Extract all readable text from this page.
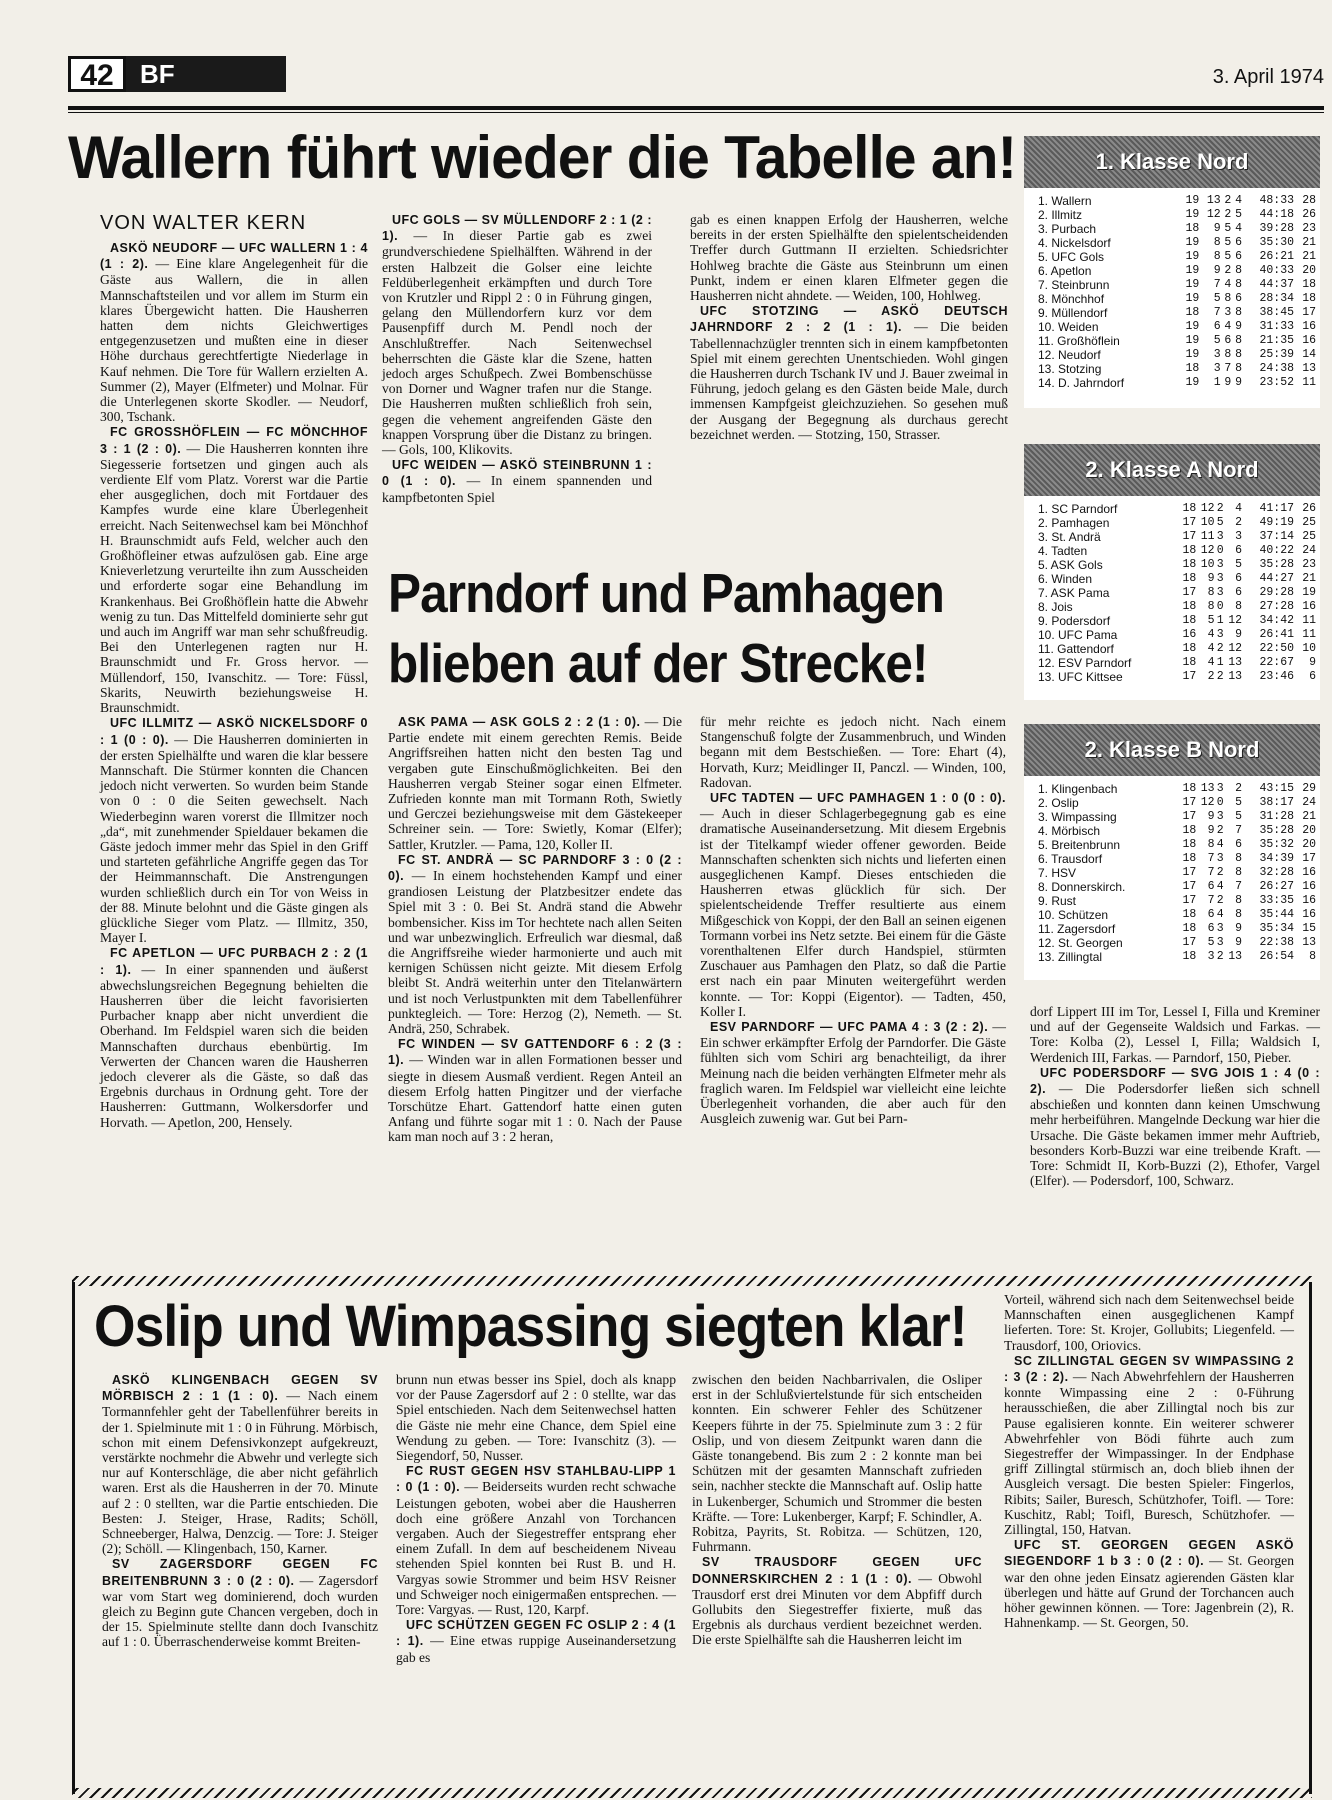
42	BF	3. April 1974
Wallern führt wieder die Tabelle an!
VON WALTER KERN

ASKÖ NEUDORF — UFC WALLERN 1 : 4 (1 : 2). — Eine klare Angelegenheit für die Gäste aus Wallern, die in allen Mannschaftsteilen und vor allem im Sturm ein klares Übergewicht hatten. Die Hausherren hatten dem nichts Gleichwertiges entgegenzusetzen und mußten eine in dieser Höhe durchaus gerechtfertigte Niederlage in Kauf nehmen. Die Tore für Wallern erzielten A. Summer (2), Mayer (Elfmeter) und Molnar. Für die Unterlegenen skorte Skodler. — Neudorf, 300, Tschank.

FC GROSSHÖFLEIN — FC MÖNCHHOF 3 : 1 (2 : 0). — Die Hausherren konnten ihre Siegesserie fortsetzen und gingen auch als verdiente Elf vom Platz. Vorerst war die Partie eher ausgeglichen, doch mit Fortdauer des Kampfes wurde eine klare Überlegenheit erreicht. Nach Seitenwechsel kam bei Mönchhof H. Braunschmidt aufs Feld, welcher auch den Großhöfleiner etwas aufzulösen gab. Eine arge Knieverletzung verurteilte ihn zum Ausscheiden und erforderte sogar eine Behandlung im Krankenhaus. Bei Großhöflein hatte die Abwehr wenig zu tun. Das Mittelfeld dominierte sehr gut und auch im Angriff war man sehr schußfreudig. Bei den Unterlegenen ragten nur H. Braunschmidt und Fr. Gross hervor. — Müllendorf, 150, Ivanschitz. — Tore: Füssl, Skarits, Neuwirth beziehungsweise H. Braunschmidt.

UFC ILLMITZ — ASKÖ NICKELSDORF 0 : 1 (0 : 0). — Die Hausherren dominierten in der ersten Spielhälfte und waren die klar bessere Mannschaft. Die Stürmer konnten die Chancen jedoch nicht verwerten. So wurden beim Stande von 0 : 0 die Seiten gewechselt. Nach Wiederbeginn waren vorerst die Illmitzer noch „da“, mit zunehmender Spieldauer bekamen die Gäste jedoch immer mehr das Spiel in den Griff und starteten gefährliche Angriffe gegen das Tor der Heimmannschaft. Die Anstrengungen wurden schließlich durch ein Tor von Weiss in der 88. Minute belohnt und die Gäste gingen als glückliche Sieger vom Platz. — Illmitz, 350, Mayer I.

FC APETLON — UFC PURBACH 2 : 2 (1 : 1). — In einer spannenden und äußerst abwechslungsreichen Begegnung behielten die Hausherren über die leicht favorisierten Purbacher knapp aber nicht unverdient die Oberhand. Im Feldspiel waren sich die beiden Mannschaften durchaus ebenbürtig. Im Verwerten der Chancen waren die Hausherren jedoch cleverer als die Gäste, so daß das Ergebnis durchaus in Ordnung geht. Tore der Hausherren: Guttmann, Wolkersdorfer und Horvath. — Apetlon, 200, Hensely.

UFC GOLS — SV MÜLLENDORF 2 : 1 (2 : 1). — In dieser Partie gab es zwei grundverschiedene Spielhälften. Während in der ersten Halbzeit die Golser eine leichte Feldüberlegenheit erkämpften und durch Tore von Krutzler und Rippl 2 : 0 in Führung gingen, gelang den Müllendorfern kurz vor dem Pausenpfiff durch M. Pendl noch der Anschlußtreffer. Nach Seitenwechsel beherrschten die Gäste klar die Szene, hatten jedoch arges Schußpech. Zwei Bombenschüsse von Dorner und Wagner trafen nur die Stange. Die Hausherren mußten schließlich froh sein, gegen die vehement angreifenden Gäste den knappen Vorsprung über die Distanz zu bringen. — Gols, 100, Klikovits.

UFC WEIDEN — ASKÖ STEINBRUNN 1 : 0 (1 : 0). — In einem spannenden und kampfbetonten Spiel

gab es einen knappen Erfolg der Hausherren, welche bereits in der ersten Spielhälfte den spielentscheidenden Treffer durch Guttmann II erzielten. Schiedsrichter Hohlweg brachte die Gäste aus Steinbrunn um einen Punkt, indem er einen klaren Elfmeter gegen die Hausherren nicht ahndete. — Weiden, 100, Hohlweg.

UFC STOTZING — ASKÖ DEUTSCH JAHRNDORF 2 : 2 (1 : 1). — Die beiden Tabellennachzügler trennten sich in einem kampfbetonten Spiel mit einem gerechten Unentschieden. Wohl gingen die Hausherren durch Tschank IV und J. Bauer zweimal in Führung, jedoch gelang es den Gästen beide Male, durch immensen Kampfgeist gleichzuziehen. So gesehen muß der Ausgang der Begegnung als durchaus gerecht bezeichnet werden. — Stotzing, 150, Strasser.

Parndorf und Pamhagen
blieben auf der Strecke!

ASK PAMA — ASK GOLS 2 : 2 (1 : 0). — Die Partie endete mit einem gerechten Remis. Beide Angriffsreihen hatten nicht den besten Tag und vergaben gute Einschußmöglichkeiten. Bei den Hausherren vergab Steiner sogar einen Elfmeter. Zufrieden konnte man mit Tormann Roth, Swietly und Gerczei beziehungsweise mit dem Gästekeeper Schreiner sein. — Tore: Swietly, Komar (Elfer); Sattler, Krutzler. — Pama, 120, Koller II.

FC ST. ANDRÄ — SC PARNDORF 3 : 0 (2 : 0). — In einem hochstehenden Kampf und einer grandiosen Leistung der Platzbesitzer endete das Spiel mit 3 : 0. Bei St. Andrä stand die Abwehr bombensicher. Kiss im Tor hechtete nach allen Seiten und war unbezwinglich. Erfreulich war diesmal, daß die Angriffsreihe wieder harmonierte und auch mit kernigen Schüssen nicht geizte. Mit diesem Erfolg bleibt St. Andrä weiterhin unter den Titelanwärtern und ist noch Verlustpunkten mit dem Tabellenführer punktegleich. — Tore: Herzog (2), Nemeth. — St. Andrä, 250, Schrabek.

FC WINDEN — SV GATTENDORF 6 : 2 (3 : 1). — Winden war in allen Formationen besser und siegte in diesem Ausmaß verdient. Regen Anteil an diesem Erfolg hatten Pingitzer und der vierfache Torschütze Ehart. Gattendorf hatte einen guten Anfang und führte sogar mit 1 : 0. Nach der Pause kam man noch auf 3 : 2 heran,

für mehr reichte es jedoch nicht. Nach einem Stangenschuß folgte der Zusammenbruch, und Winden begann mit dem Bestschießen. — Tore: Ehart (4), Horvath, Kurz; Meidlinger II, Panczl. — Winden, 100, Radovan.

UFC TADTEN — UFC PAMHAGEN 1 : 0 (0 : 0). — Auch in dieser Schlagerbegegnung gab es eine dramatische Auseinandersetzung. Mit diesem Ergebnis ist der Titelkampf wieder offener geworden. Beide Mannschaften schenkten sich nichts und lieferten einen ausgeglichenen Kampf. Dieses entschieden die Hausherren etwas glücklich für sich. Der spielentscheidende Treffer resultierte aus einem Mißgeschick von Koppi, der den Ball an seinen eigenen Tormann vorbei ins Netz setzte. Bei einem für die Gäste vorenthaltenen Elfer durch Handspiel, stürmten Zuschauer aus Pamhagen den Platz, so daß die Partie erst nach ein paar Minuten weitergeführt werden konnte. — Tor: Koppi (Eigentor). — Tadten, 450, Koller I.

ESV PARNDORF — UFC PAMA 4 : 3 (2 : 2). — Ein schwer erkämpfter Erfolg der Parndorfer. Die Gäste fühlten sich vom Schiri arg benachteiligt, da ihrer Meinung nach die beiden verhängten Elfmeter mehr als fraglich waren. Im Feldspiel war vielleicht eine leichte Überlegenheit vorhanden, die aber auch für den Ausgleich zuwenig war. Gut bei Parn-

dorf Lippert III im Tor, Lessel I, Filla und Kreminer und auf der Gegenseite Waldsich und Farkas. — Tore: Kolba (2), Lessel I, Filla; Waldsich I, Werdenich III, Farkas. — Parndorf, 150, Pieber.

UFC PODERSDORF — SVG JOIS 1 : 4 (0 : 2). — Die Podersdorfer ließen sich schnell abschießen und konnten dann keinen Umschwung mehr herbeiführen. Mangelnde Deckung war hier die Ursache. Die Gäste bekamen immer mehr Auftrieb, besonders Korb-Buzzi war eine treibende Kraft. — Tore: Schmidt II, Korb-Buzzi (2), Ethofer, Vargel (Elfer). — Podersdorf, 100, Schwarz.

1. Klasse Nord
1. Wallern	19	13	2	4	48:33	28
2. Illmitz	19	12	2	5	44:18	26
3. Purbach	18	9	5	4	39:28	23
4. Nickelsdorf	19	8	5	6	35:30	21
5. UFC Gols	19	8	5	6	26:21	21
6. Apetlon	19	9	2	8	40:33	20
7. Steinbrunn	19	7	4	8	44:37	18
8. Mönchhof	19	5	8	6	28:34	18
9. Müllendorf	18	7	3	8	38:45	17
10. Weiden	19	6	4	9	31:33	16
11. Großhöflein	19	5	6	8	21:35	16
12. Neudorf	19	3	8	8	25:39	14
13. Stotzing	18	3	7	8	24:38	13
14. D. Jahrndorf	19	1	9	9	23:52	11
2. Klasse A Nord
1. SC Parndorf	18	12	2	4	41:17	26
2. Pamhagen	17	10	5	2	49:19	25
3. St. Andrä	17	11	3	3	37:14	25
4. Tadten	18	12	0	6	40:22	24
5. ASK Gols	18	10	3	5	35:28	23
6. Winden	18	9	3	6	44:27	21
7. ASK Pama	17	8	3	6	29:28	19
8. Jois	18	8	0	8	27:28	16
9. Podersdorf	18	5	1	12	34:42	11
10. UFC Pama	16	4	3	9	26:41	11
11. Gattendorf	18	4	2	12	22:50	10
12. ESV Parndorf	18	4	1	13	22:67	9
13. UFC Kittsee	17	2	2	13	23:46	6
2. Klasse B Nord
1. Klingenbach	18	13	3	2	43:15	29
2. Oslip	17	12	0	5	38:17	24
3. Wimpassing	17	9	3	5	31:28	21
4. Mörbisch	18	9	2	7	35:28	20
5. Breitenbrunn	18	8	4	6	35:32	20
6. Trausdorf	18	7	3	8	34:39	17
7. HSV	17	7	2	8	32:28	16
8. Donnerskirch.	17	6	4	7	26:27	16
9. Rust	17	7	2	8	33:35	16
10. Schützen	18	6	4	8	35:44	16
11. Zagersdorf	18	6	3	9	35:34	15
12. St. Georgen	17	5	3	9	22:38	13
13. Zillingtal	18	3	2	13	26:54	8
Oslip und Wimpassing siegten klar!

ASKÖ KLINGENBACH GEGEN SV MÖRBISCH 2 : 1 (1 : 0). — Nach einem Tormannfehler geht der Tabellenführer bereits in der 1. Spielminute mit 1 : 0 in Führung. Mörbisch, schon mit einem Defensivkonzept aufgekreuzt, verstärkte nochmehr die Abwehr und verlegte sich nur auf Konterschläge, die aber nicht gefährlich waren. Erst als die Hausherren in der 70. Minute auf 2 : 0 stellten, war die Partie entschieden. Die Besten: J. Steiger, Hrase, Radits; Schöll, Schneeberger, Halwa, Denzcig. — Tore: J. Steiger (2); Schöll. — Klingenbach, 150, Karner.

SV ZAGERSDORF GEGEN FC BREITENBRUNN 3 : 0 (2 : 0). — Zagersdorf war vom Start weg dominierend, doch wurden gleich zu Beginn gute Chancen vergeben, doch in der 15. Spielminute stellte dann doch Ivanschitz auf 1 : 0. Überraschenderweise kommt Breiten-

brunn nun etwas besser ins Spiel, doch als knapp vor der Pause Zagersdorf auf 2 : 0 stellte, war das Spiel entschieden. Nach dem Seitenwechsel hatten die Gäste nie mehr eine Chance, dem Spiel eine Wendung zu geben. — Tore: Ivanschitz (3). — Siegendorf, 50, Nusser.

FC RUST GEGEN HSV STAHLBAU-LIPP 1 : 0 (1 : 0). — Beiderseits wurden recht schwache Leistungen geboten, wobei aber die Hausherren doch eine größere Anzahl von Torchancen vergaben. Auch der Siegestreffer entsprang eher einem Zufall. In dem auf bescheidenem Niveau stehenden Spiel konnten bei Rust B. und H. Vargyas sowie Strommer und beim HSV Reisner und Schweiger noch einigermaßen entsprechen. — Tore: Vargyas. — Rust, 120, Karpf.

UFC SCHÜTZEN GEGEN FC OSLIP 2 : 4 (1 : 1). — Eine etwas ruppige Auseinandersetzung gab es

zwischen den beiden Nachbarrivalen, die Osliper erst in der Schlußviertelstunde für sich entscheiden konnten. Ein schwerer Fehler des Schützener Keepers führte in der 75. Spielminute zum 3 : 2 für Oslip, und von diesem Zeitpunkt waren dann die Gäste tonangebend. Bis zum 2 : 2 konnte man bei Schützen mit der gesamten Mannschaft zufrieden sein, nachher steckte die Mannschaft auf. Oslip hatte in Lukenberger, Schumich und Strommer die besten Kräfte. — Tore: Lukenberger, Karpf; F. Schindler, A. Robitza, Payrits, St. Robitza. — Schützen, 120, Fuhrmann.

SV TRAUSDORF GEGEN UFC DONNERSKIRCHEN 2 : 1 (1 : 0). — Obwohl Trausdorf erst drei Minuten vor dem Abpfiff durch Gollubits den Siegestreffer fixierte, muß das Ergebnis als durchaus verdient bezeichnet werden. Die erste Spielhälfte sah die Hausherren leicht im

Vorteil, während sich nach dem Seitenwechsel beide Mannschaften einen ausgeglichenen Kampf lieferten. Tore: St. Krojer, Gollubits; Liegenfeld. — Trausdorf, 100, Oriovics.

SC ZILLINGTAL GEGEN SV WIMPASSING 2 : 3 (2 : 2). — Nach Abwehrfehlern der Hausherren konnte Wimpassing eine 2 : 0-Führung herausschießen, die aber Zillingtal noch bis zur Pause egalisieren konnte. Ein weiterer schwerer Abwehrfehler von Bödi führte auch zum Siegestreffer der Wimpassinger. In der Endphase griff Zillingtal stürmisch an, doch blieb ihnen der Ausgleich versagt. Die besten Spieler: Fingerlos, Ribits; Sailer, Buresch, Schützhofer, Toifl. — Tore: Kuschitz, Rabl; Toifl, Buresch, Schützhofer. — Zillingtal, 150, Hatvan.

UFC ST. GEORGEN GEGEN ASKÖ SIEGENDORF 1 b 3 : 0 (2 : 0). — St. Georgen war den ohne jeden Einsatz agierenden Gästen klar überlegen und hätte auf Grund der Torchancen auch höher gewinnen können. — Tore: Jagenbrein (2), R. Hahnenkamp. — St. Georgen, 50.
